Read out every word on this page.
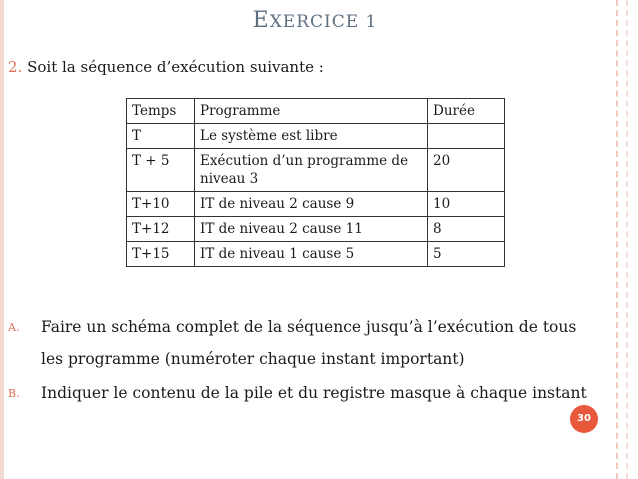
EXERCICE 1
2. Soit la séquence d’exécution suivante :
Temps	Programme	Durée
T	Le système est libre	
T + 5	Exécution d’un programme de niveau 3	20
T+10	IT de niveau 2 cause 9	10
T+12	IT de niveau 2 cause 11	8
T+15	IT de niveau 1 cause 5	5
A. Faire un schéma complet de la séquence jusqu’à l’exécution de tous
les programme (numéroter chaque instant important)
B. Indiquer le contenu de la pile et du registre masque à chaque instant
30
